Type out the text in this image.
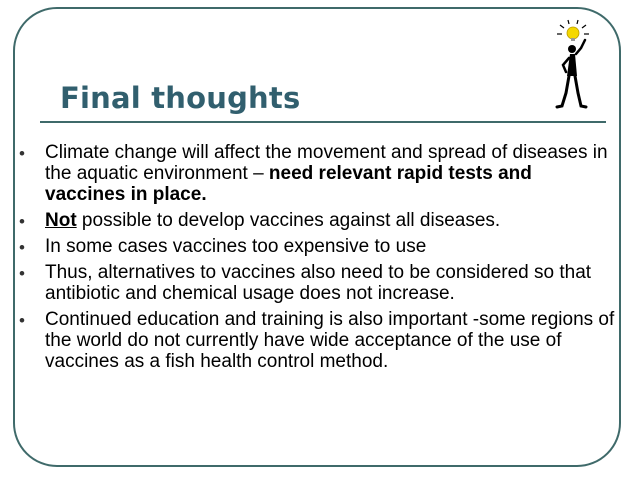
Final thoughts
• Climate change will affect the movement and spread of diseases in the aquatic environment – need relevant rapid tests and vaccines in place.
• Not possible to develop vaccines against all diseases.
• In some cases vaccines too expensive to use
• Thus, alternatives to vaccines also need to be considered so that antibiotic and chemical usage does not increase.
• Continued education and training is also important -some regions of the world do not currently have wide acceptance of the use of vaccines as a fish health control method.
